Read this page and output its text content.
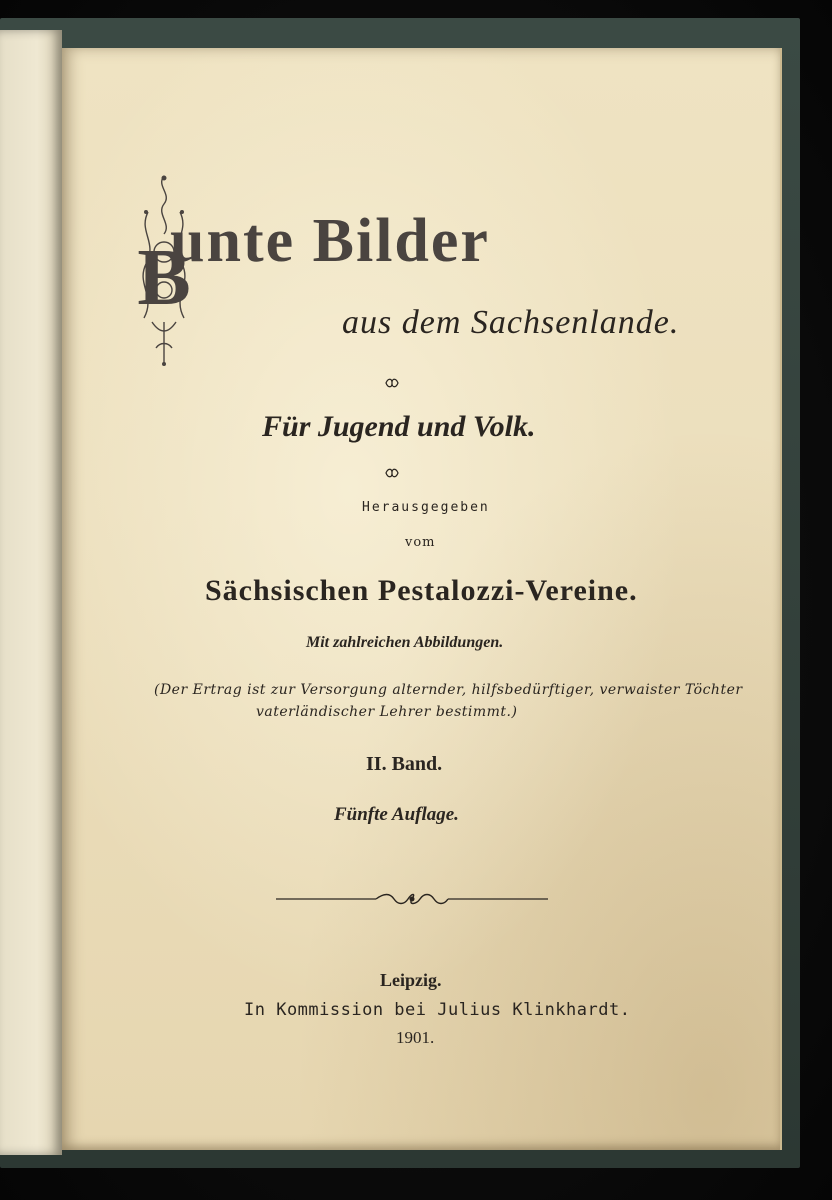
B

unte Bilder

aus dem Sachsenlande.

Für Jugend und Volk.

Herausgegeben

vom

Sächsischen Pestalozzi-Vereine.

Mit zahlreichen Abbildungen.

(Der Ertrag ist zur Versorgung alternder, hilfsbedürftiger, verwaister Töchter

vaterländischer Lehrer bestimmt.)

II. Band.

Fünfte Auflage.

Leipzig.

In Kommission bei Julius Klinkhardt.

1901.
